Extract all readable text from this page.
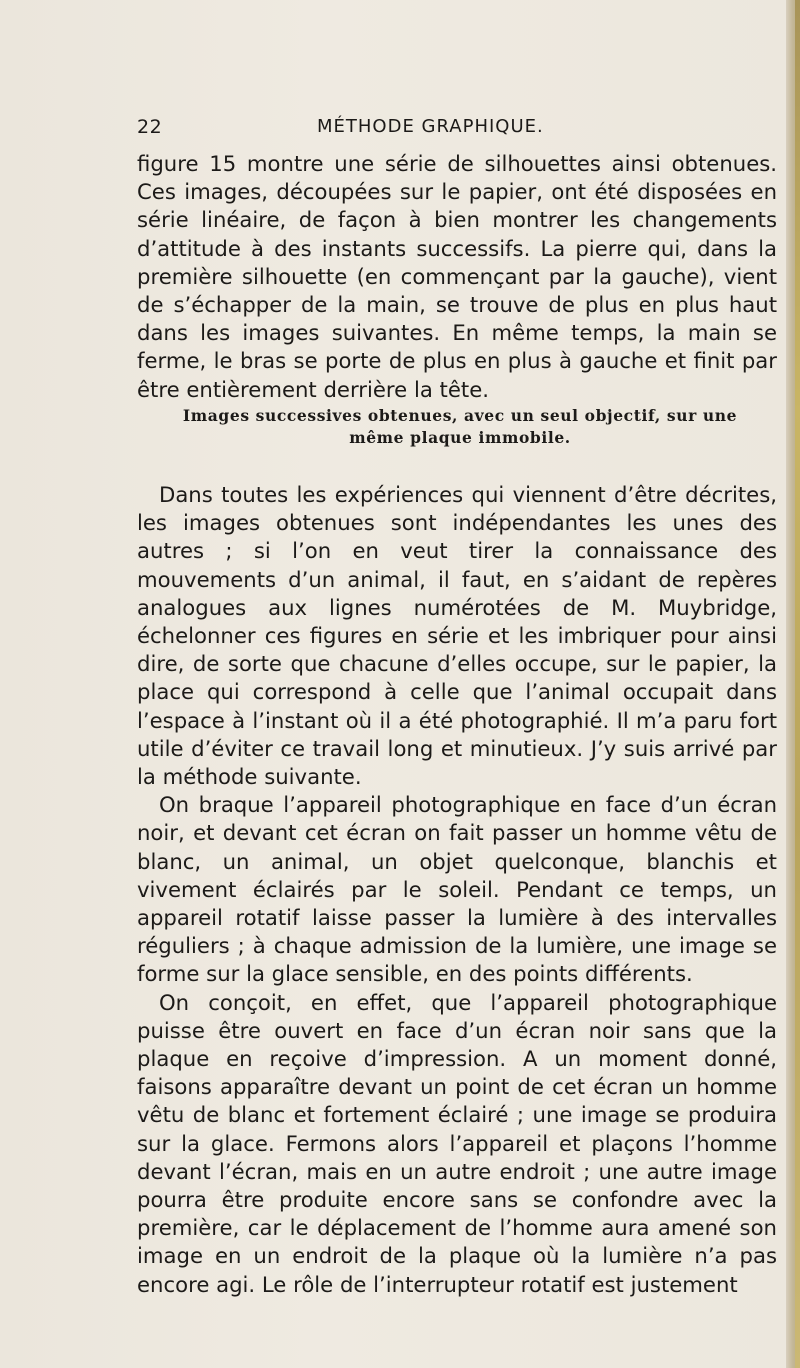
22	MÉTHODE GRAPHIQUE.

figure 15 montre une série de silhouettes ainsi obtenues. Ces images, découpées sur le papier, ont été disposées en série linéaire, de façon à bien montrer les changements d’attitude à des instants successifs. La pierre qui, dans la première silhouette (en commençant par la gauche), vient de s’échapper de la main, se trouve de plus en plus haut dans les images suivantes. En même temps, la main se ferme, le bras se porte de plus en plus à gauche et finit par être entièrement derrière la tête.

Images successives obtenues, avec un seul objectif, sur une même plaque immobile.

Dans toutes les expériences qui viennent d’être décrites, les images obtenues sont indépendantes les unes des autres ; si l’on en veut tirer la connaissance des mouvements d’un animal, il faut, en s’aidant de repères analogues aux lignes numérotées de M. Muybridge, échelonner ces figures en série et les imbriquer pour ainsi dire, de sorte que chacune d’elles occupe, sur le papier, la place qui correspond à celle que l’animal occupait dans l’espace à l’instant où il a été photographié. Il m’a paru fort utile d’éviter ce travail long et minutieux. J’y suis arrivé par la méthode suivante.

On braque l’appareil photographique en face d’un écran noir, et devant cet écran on fait passer un homme vêtu de blanc, un animal, un objet quelconque, blanchis et vivement éclairés par le soleil. Pendant ce temps, un appareil rotatif laisse passer la lumière à des intervalles réguliers ; à chaque admission de la lumière, une image se forme sur la glace sensible, en des points différents.

On conçoit, en effet, que l’appareil photographique puisse être ouvert en face d’un écran noir sans que la plaque en reçoive d’impression. A un moment donné, faisons apparaître devant un point de cet écran un homme vêtu de blanc et fortement éclairé ; une image se produira sur la glace. Fermons alors l’appareil et plaçons l’homme devant l’écran, mais en un autre endroit ; une autre image pourra être produite encore sans se confondre avec la première, car le déplacement de l’homme aura amené son image en un endroit de la plaque où la lumière n’a pas encore agi. Le rôle de l’interrupteur rotatif est justement
